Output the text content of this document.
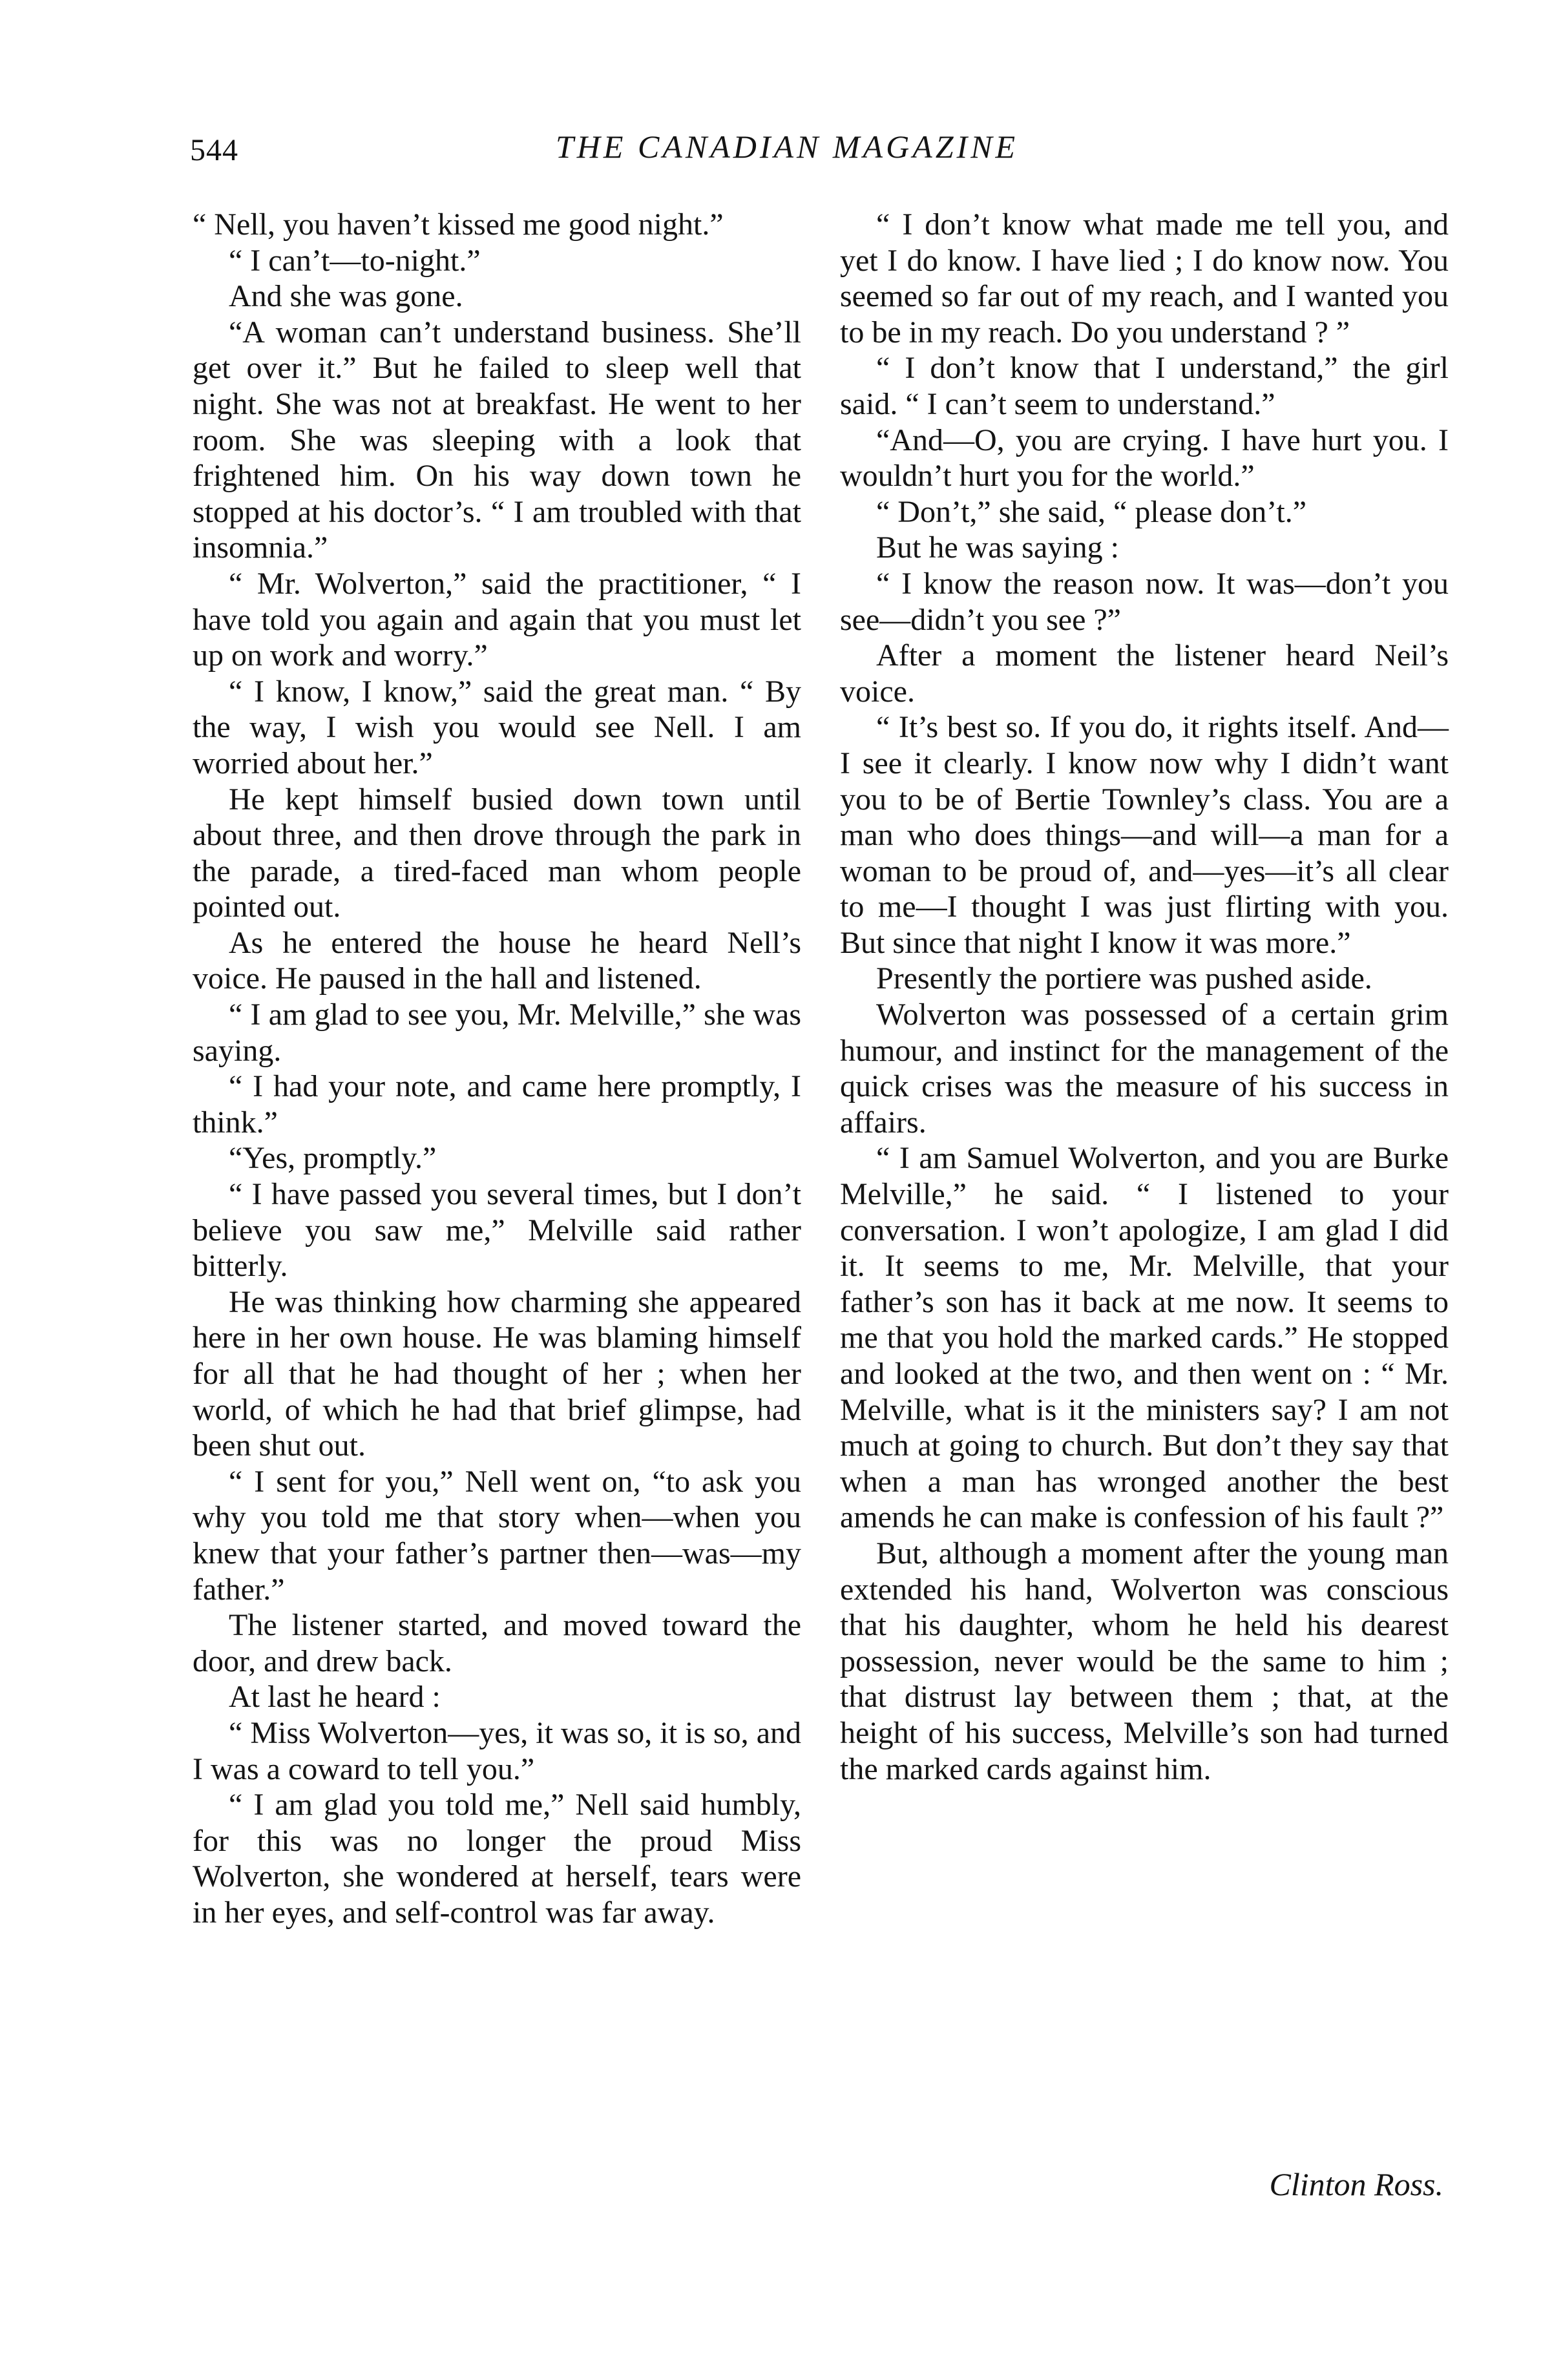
544	THE CANADIAN MAGAZINE

“ Nell, you haven’t kissed me good night.”

“ I can’t—to-night.”

And she was gone.

“A woman can’t understand business. She’ll get over it.” But he failed to sleep well that night. She was not at breakfast. He went to her room. She was sleeping with a look that frightened him. On his way down town he stopped at his doctor’s. “ I am troubled with that insomnia.”

“ Mr. Wolverton,” said the practitioner, “ I have told you again and again that you must let up on work and worry.”

“ I know, I know,” said the great man. “ By the way, I wish you would see Nell. I am worried about her.”

He kept himself busied down town until about three, and then drove through the park in the parade, a tired-faced man whom people pointed out.

As he entered the house he heard Nell’s voice. He paused in the hall and listened.

“ I am glad to see you, Mr. Melville,” she was saying.

“ I had your note, and came here promptly, I think.”

“Yes, promptly.”

“ I have passed you several times, but I don’t believe you saw me,” Melville said rather bitterly.

He was thinking how charming she appeared here in her own house. He was blaming himself for all that he had thought of her ; when her world, of which he had that brief glimpse, had been shut out.

“ I sent for you,” Nell went on, “to ask you why you told me that story when—when you knew that your father’s partner then—was—my father.”

The listener started, and moved toward the door, and drew back.

At last he heard :

“ Miss Wolverton—yes, it was so, it is so, and I was a coward to tell you.”

“ I am glad you told me,” Nell said humbly, for this was no longer the proud Miss Wolverton, she wondered at herself, tears were in her eyes, and self-control was far away.

“ I don’t know what made me tell you, and yet I do know. I have lied ; I do know now. You seemed so far out of my reach, and I wanted you to be in my reach. Do you understand ? ”

“ I don’t know that I understand,” the girl said. “ I can’t seem to understand.”

“And—O, you are crying. I have hurt you. I wouldn’t hurt you for the world.”

“ Don’t,” she said, “ please don’t.”

But he was saying :

“ I know the reason now. It was—don’t you see—didn’t you see ?”

After a moment the listener heard Neil’s voice.

“ It’s best so. If you do, it rights itself. And—I see it clearly. I know now why I didn’t want you to be of Bertie Townley’s class. You are a man who does things—and will—a man for a woman to be proud of, and—yes—it’s all clear to me—I thought I was just flirting with you. But since that night I know it was more.”

Presently the portiere was pushed aside.

Wolverton was possessed of a certain grim humour, and instinct for the management of the quick crises was the measure of his success in affairs.

“ I am Samuel Wolverton, and you are Burke Melville,” he said. “ I listened to your conversation. I won’t apologize, I am glad I did it. It seems to me, Mr. Melville, that your father’s son has it back at me now. It seems to me that you hold the marked cards.” He stopped and looked at the two, and then went on : “ Mr. Melville, what is it the ministers say? I am not much at going to church. But don’t they say that when a man has wronged another the best amends he can make is confession of his fault ?”

But, although a moment after the young man extended his hand, Wolverton was conscious that his daughter, whom he held his dearest possession, never would be the same to him ; that distrust lay between them ; that, at the height of his success, Melville’s son had turned the marked cards against him.

Clinton Ross.
